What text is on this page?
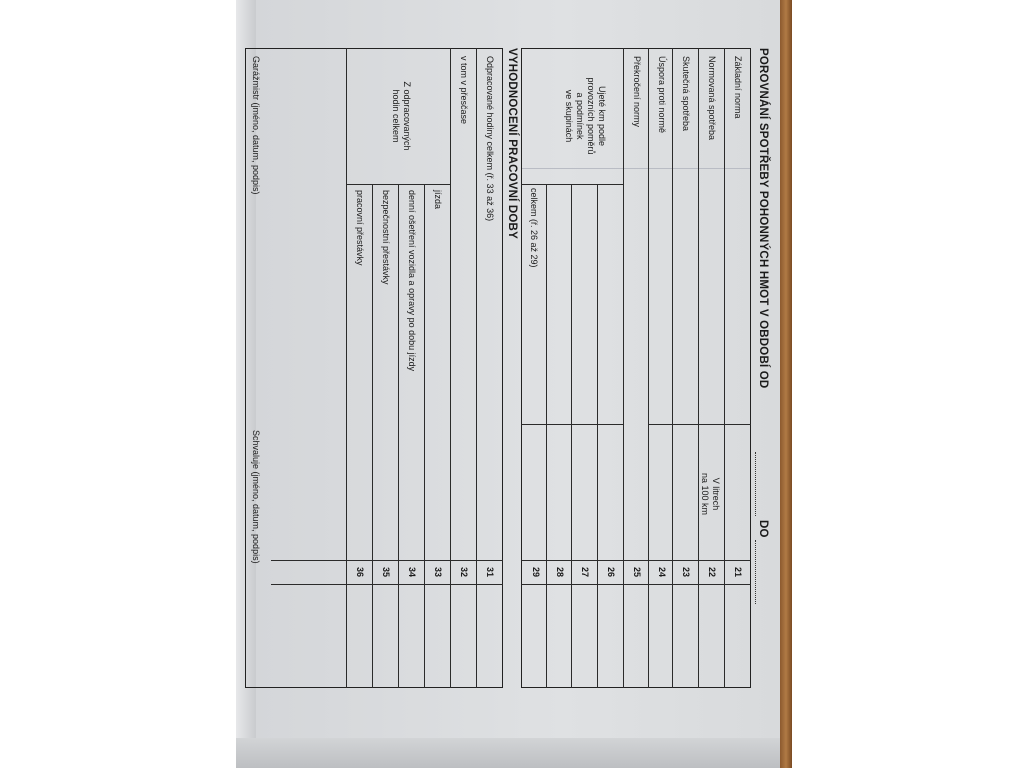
POROVNÁNÍ SPOTŘEBY POHONNÝCH HMOT V OBDOBÍ OD
DO
Základní norma
Normovaná spotřeba
Skutečná spotřeba
Úspora proti normě
Překročení normy
V litrech
na 100 km
Ujeté km podle
provozních poměrů
a podmínek
ve skupinách
celkem (ř. 26 až 29)
21
22
23
24
25
26
27
28
29
VYHODNOCENÍ PRACOVNÍ DOBY
Odpracované hodiny celkem (ř. 33 až 36)
v tom v přesčase
Z odpracovaných
hodin celkem
jízda
denní ošetření vozidla a opravy po dobu jízdy
bezpečnostní přestávky
pracovní přestávky
31
32
33
34
35
36
Garážmistr (jméno, datum, podpis)
Schvaluje (jméno, datum, podpis)
